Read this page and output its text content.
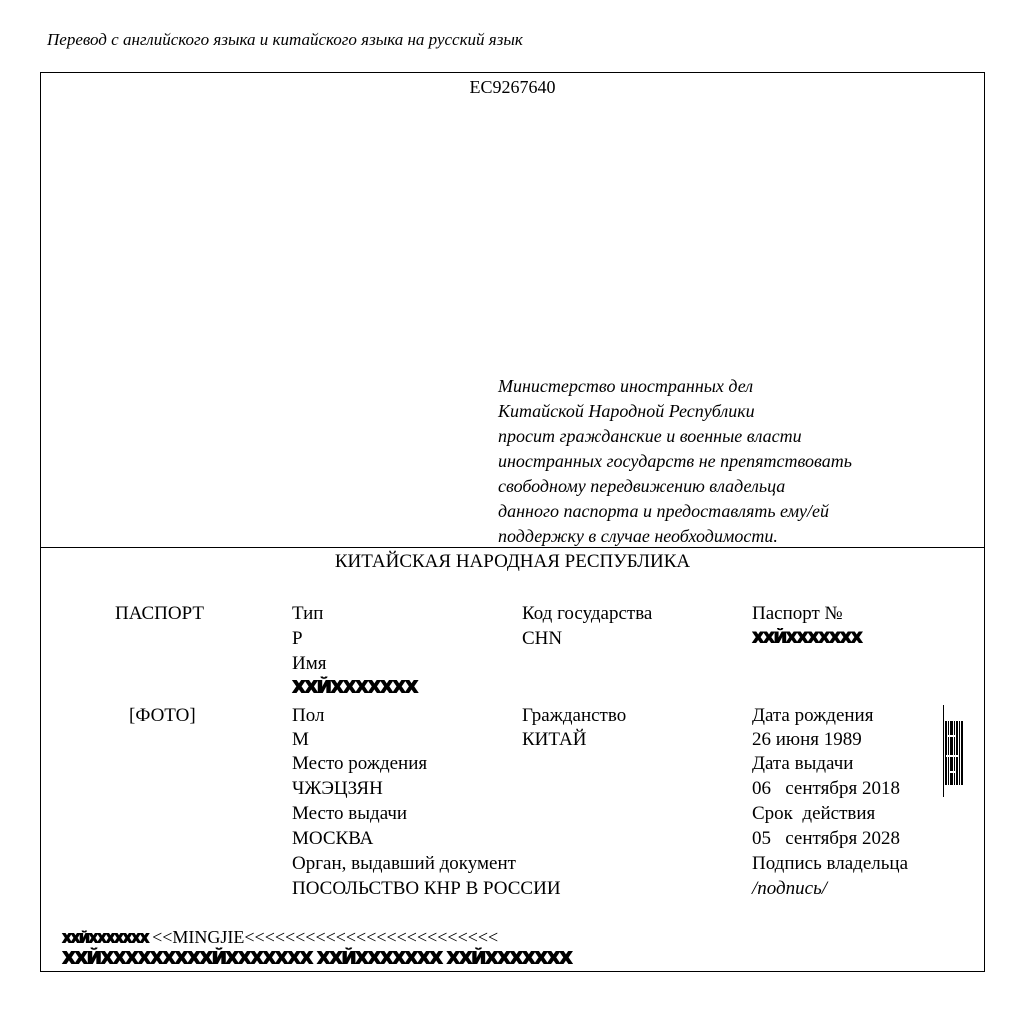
Перевод с английского языка и китайского языка на русский язык
EC9267640
Министерство иностранных дел
Китайской Народной Республики
просит гражданские и военные власти
иностранных государств не препятствовать
свободному передвижению владельца
данного паспорта и предоставлять ему/ей
поддержку в случае необходимости.
КИТАЙСКАЯ НАРОДНАЯ РЕСПУБЛИКА
ПАСПОРТ
[ФОТО]
Тип
P
Имя
ХХЙХХХХХХХ
Пол
М
Место рождения
ЧЖЭЦЗЯН
Место выдачи
МОСКВА
Орган, выдавший документ
ПОСОЛЬСТВО КНР В РОССИИ
Код государства
CHN
Гражданство
КИТАЙ
Паспорт №
ХХЙХХХХХХХ
Дата рождения
26 июня 1989
Дата выдачи
06   сентября 2018
Срок  действия
05   сентября 2028
Подпись владельца
/подпись/
ХХЙХХХХХХХ <<MINGJIE<<<<<<<<<<<<<<<<<<<<<<<<<
ХХЙХХХХХХХХХЙХХХХХХХ ХХЙХХХХХХХ ХХЙХХХХХХХ
